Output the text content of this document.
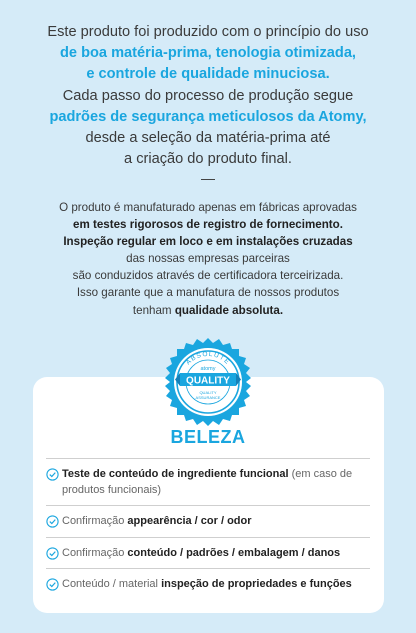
Este produto foi produzido com o princípio do uso
de boa matéria-prima, tenologia otimizada,
e controle de qualidade minuciosa.
Cada passo do processo de produção segue
padrões de segurança meticulosos da Atomy,
desde a seleção da matéria-prima até
a criação do produto final.
O produto é manufaturado apenas em fábricas aprovadas
em testes rigorosos de registro de fornecimento.
Inspeção regular em loco e em instalações cruzadas
das nossas empresas parceiras
são conduzidos através de certificadora terceirizada.
Isso garante que a manufatura de nossos produtos
tenham qualidade absoluta.
ABSOLUTE
atomy
QUALITY
QUALITY
ASSURANCE
BELEZA
Teste de conteúdo de ingrediente funcional (em caso de produtos funcionais)
Confirmação appearência / cor / odor
Confirmação conteúdo / padrões / embalagem / danos
Conteúdo / material inspeção de propriedades e funções
